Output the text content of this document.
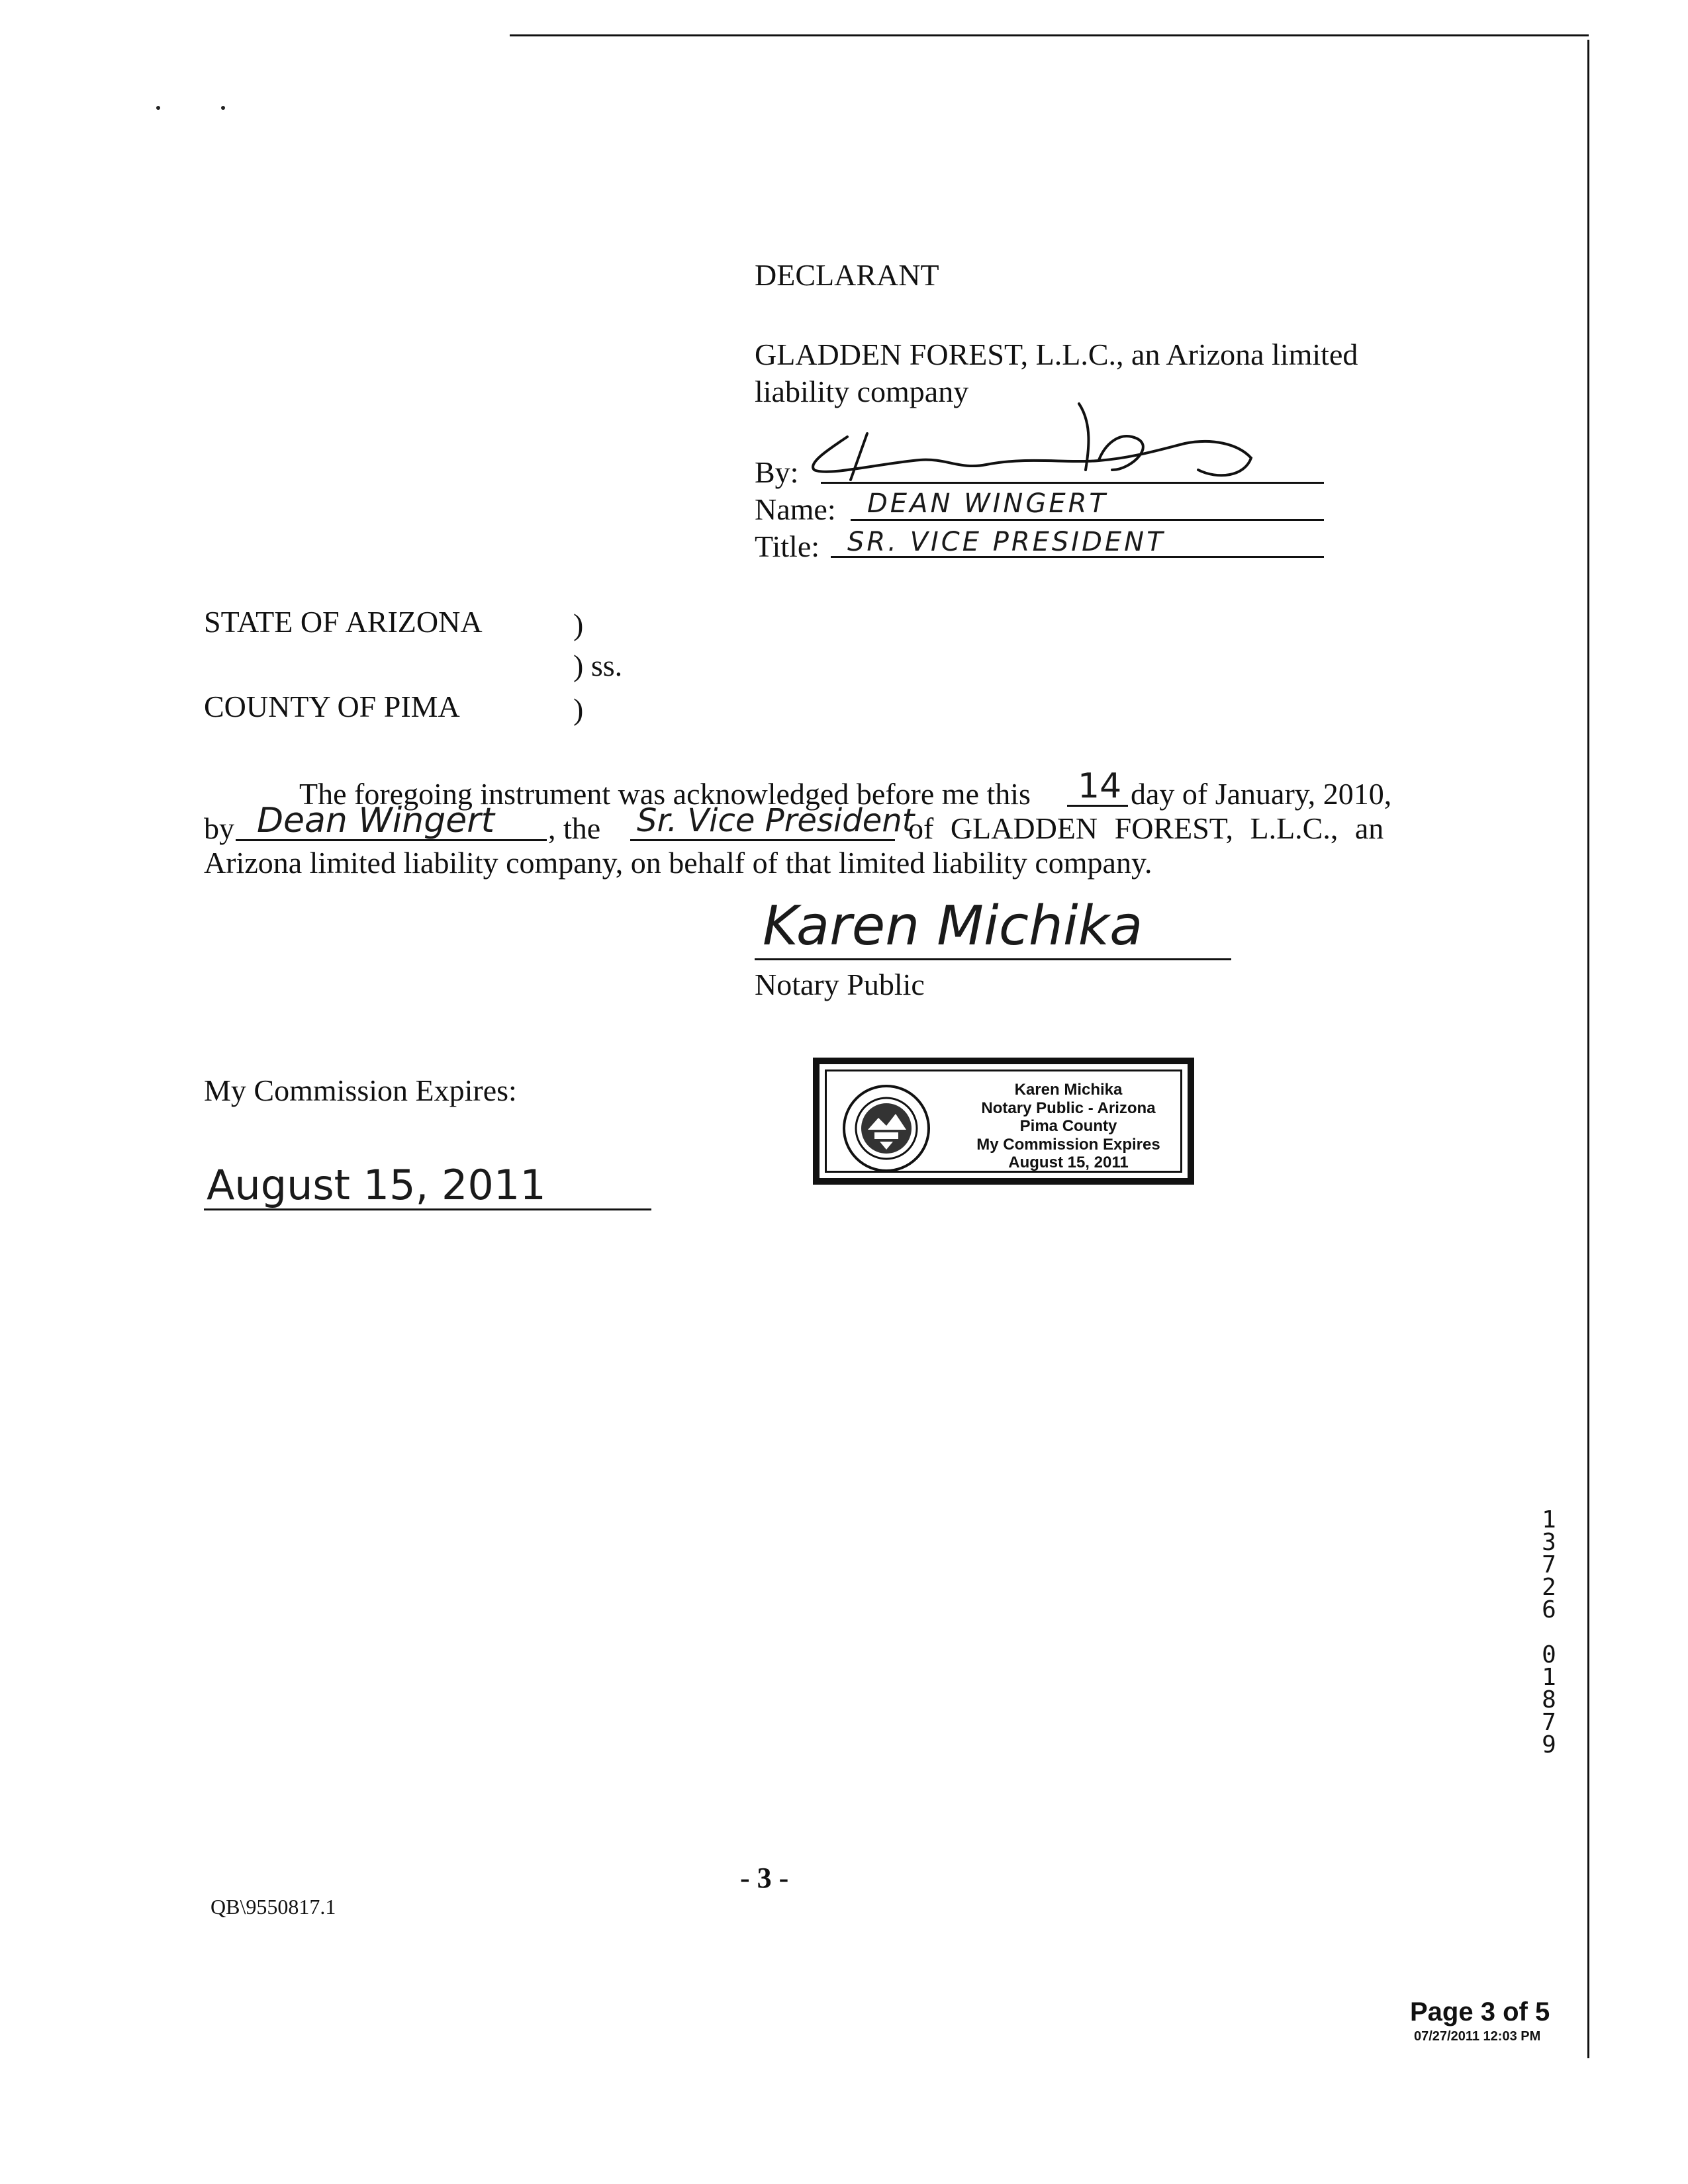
DECLARANT
GLADDEN FOREST, L.L.C., an Arizona limited
liability company
By:
Name: DEAN WINGERT
Title: SR. VICE PRESIDENT
STATE OF ARIZONA	)
) ss.
COUNTY OF PIMA	)
The foregoing instrument was acknowledged before me this 14 day of January, 2010,
by Dean Wingert , the Sr. Vice President
of GLADDEN FOREST, L.L.C., an
Arizona limited liability company, on behalf of that limited liability company.
Karen Michika
Notary Public
My Commission Expires:
August 15, 2011
Karen Michika
Notary Public - Arizona
Pima County
My Commission Expires
August 15, 2011
1
3
7
2
6
0
1
8
7
9
- 3 -
QB\9550817.1
Page 3 of 5
07/27/2011 12:03 PM
